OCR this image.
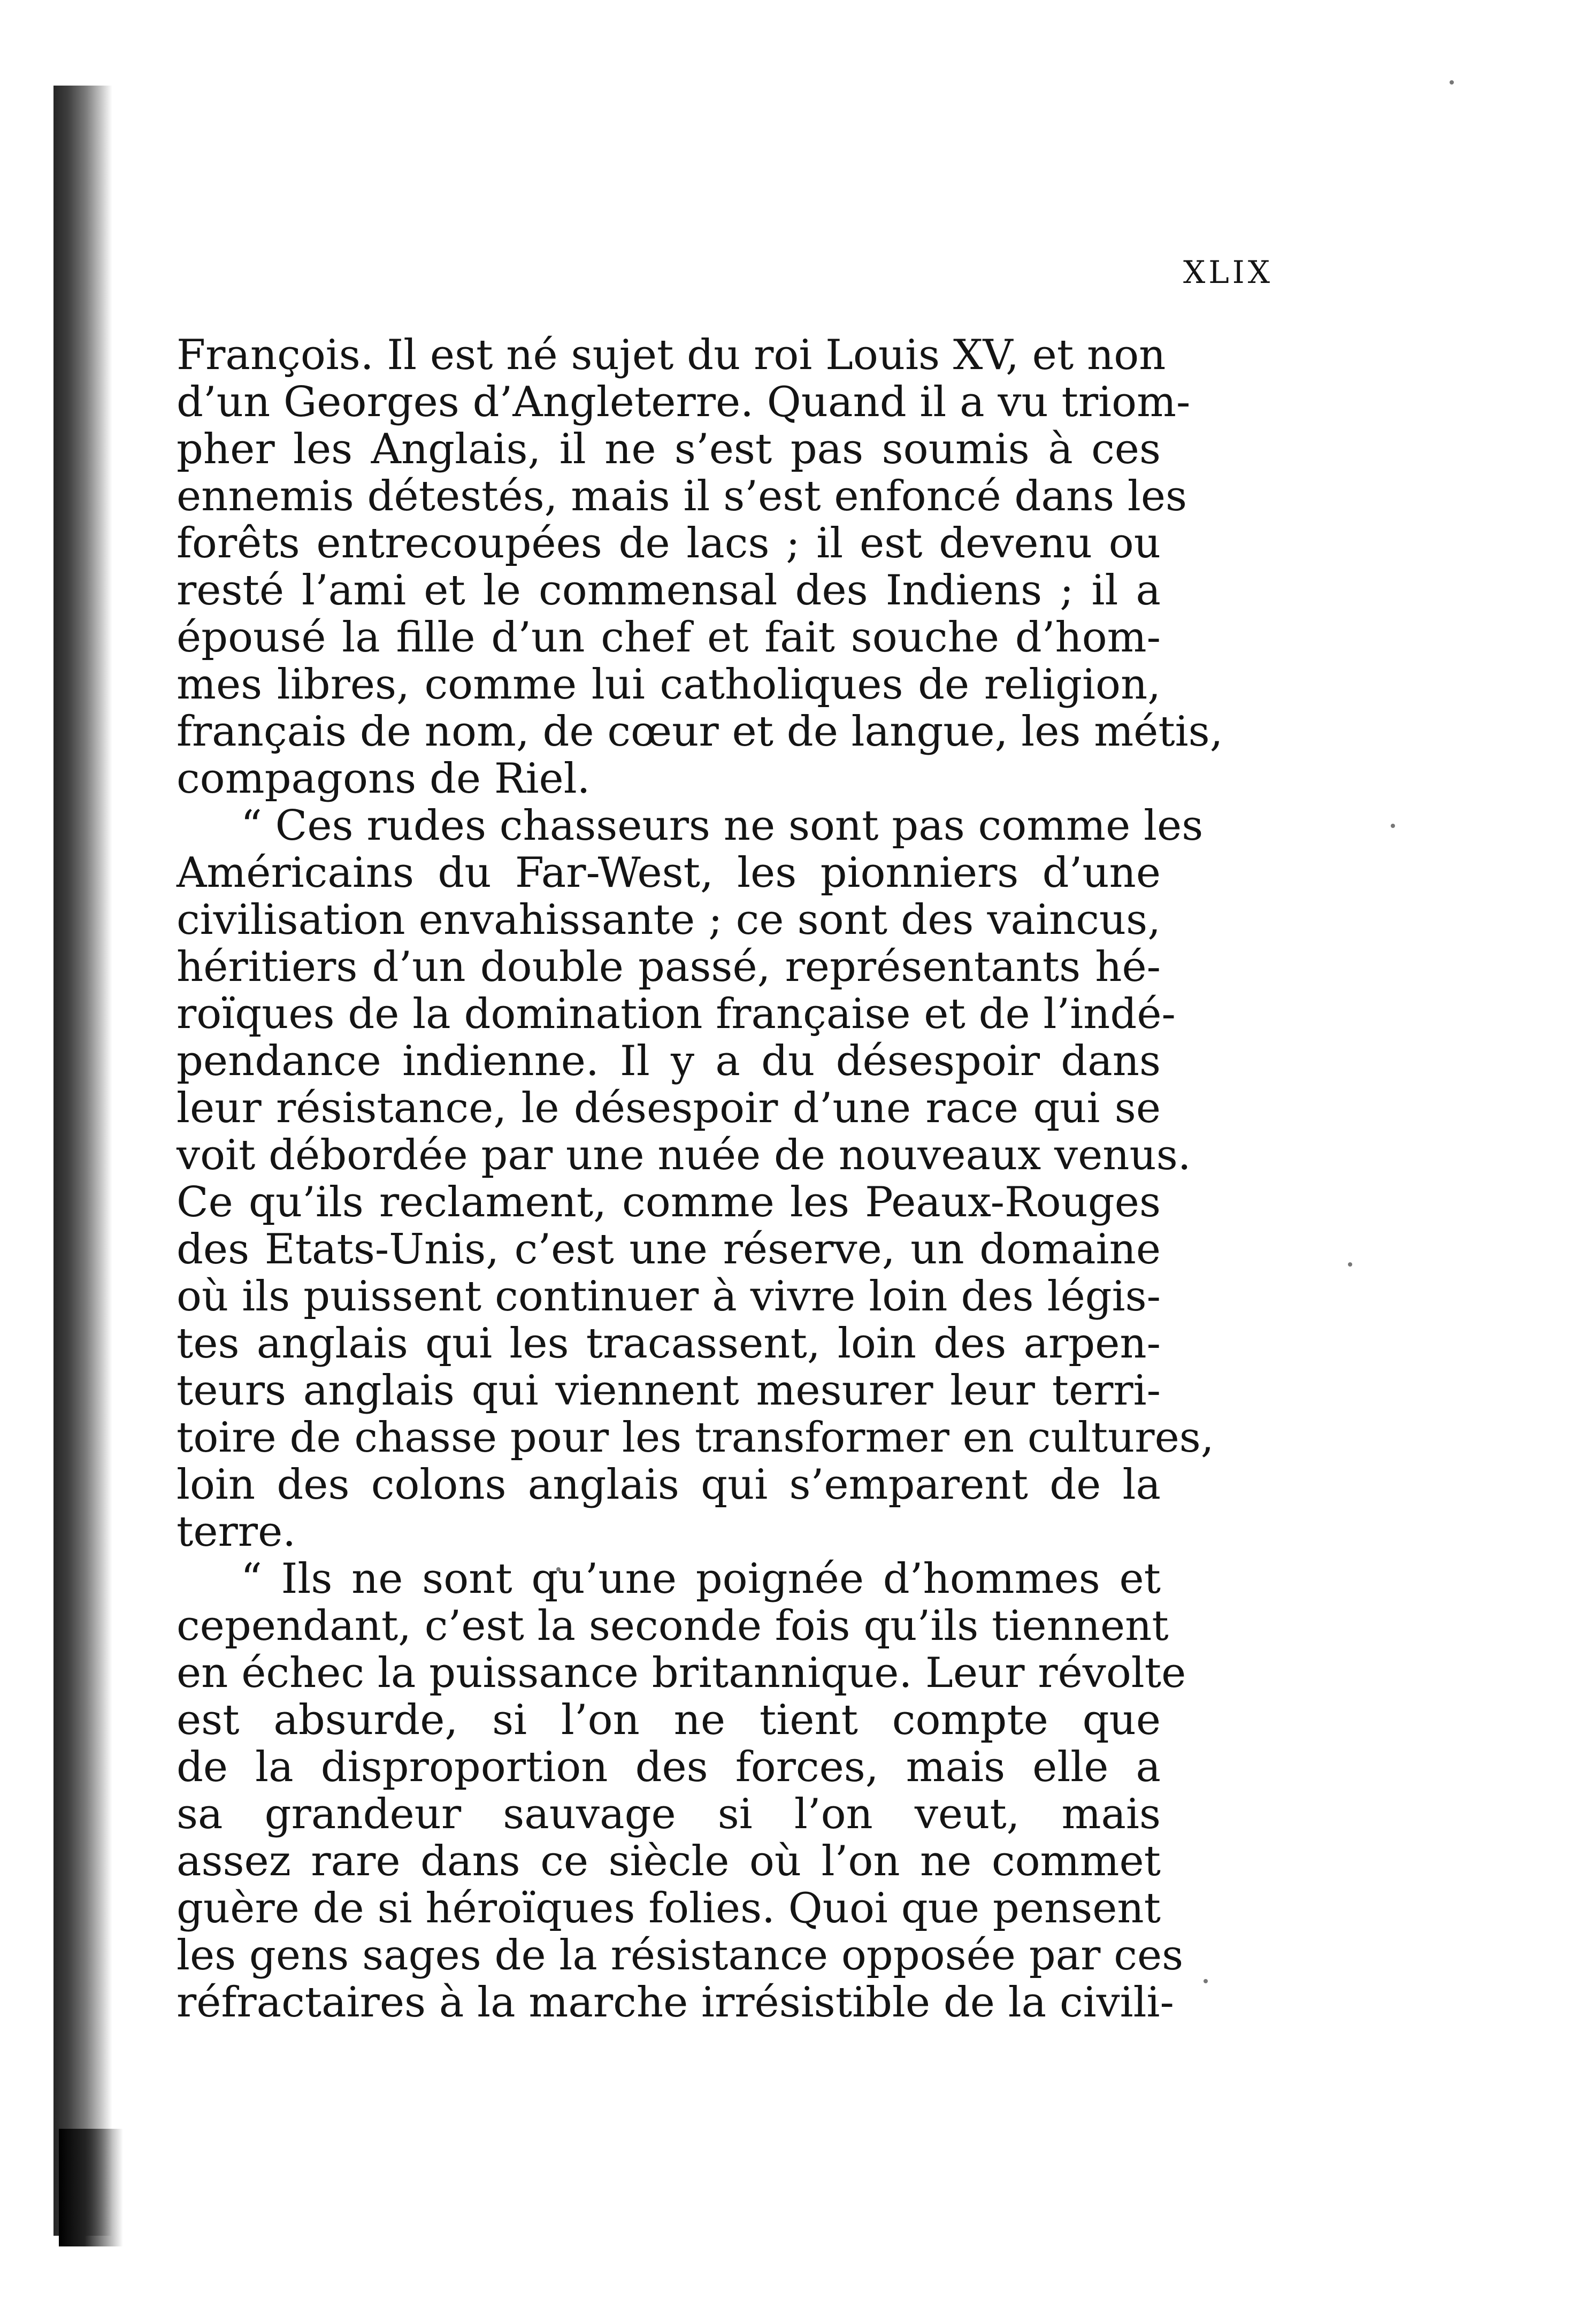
XLIX
François. Il est né sujet du roi Louis XV, et non
d’un Georges d’Angleterre. Quand il a vu triom-
pher les Anglais, il ne s’est pas soumis à ces
ennemis détestés, mais il s’est enfoncé dans les
forêts entrecoupées de lacs ; il est devenu ou
resté l’ami et le commensal des Indiens ; il a
épousé la fille d’un chef et fait souche d’hom-
mes libres, comme lui catholiques de religion,
français de nom, de cœur et de langue, les métis,
compagons de Riel.
“ Ces rudes chasseurs ne sont pas comme les
Américains du Far-West, les pionniers d’une
civilisation envahissante ; ce sont des vaincus,
héritiers d’un double passé, représentants hé-
roïques de la domination française et de l’indé-
pendance indienne. Il y a du désespoir dans
leur résistance, le désespoir d’une race qui se
voit débordée par une nuée de nouveaux venus.
Ce qu’ils reclament, comme les Peaux-Rouges
des Etats-Unis, c’est une réserve, un domaine
où ils puissent continuer à vivre loin des légis-
tes anglais qui les tracassent, loin des arpen-
teurs anglais qui viennent mesurer leur terri-
toire de chasse pour les transformer en cultures,
loin des colons anglais qui s’emparent de la
terre.
“ Ils ne sont qu’une poignée d’hommes et
cependant, c’est la seconde fois qu’ils tiennent
en échec la puissance britannique. Leur révolte
est absurde, si l’on ne tient compte que
de la disproportion des forces, mais elle a
sa grandeur sauvage si l’on veut, mais
assez rare dans ce siècle où l’on ne commet
guère de si héroïques folies. Quoi que pensent
les gens sages de la résistance opposée par ces
réfractaires à la marche irrésistible de la civili-
